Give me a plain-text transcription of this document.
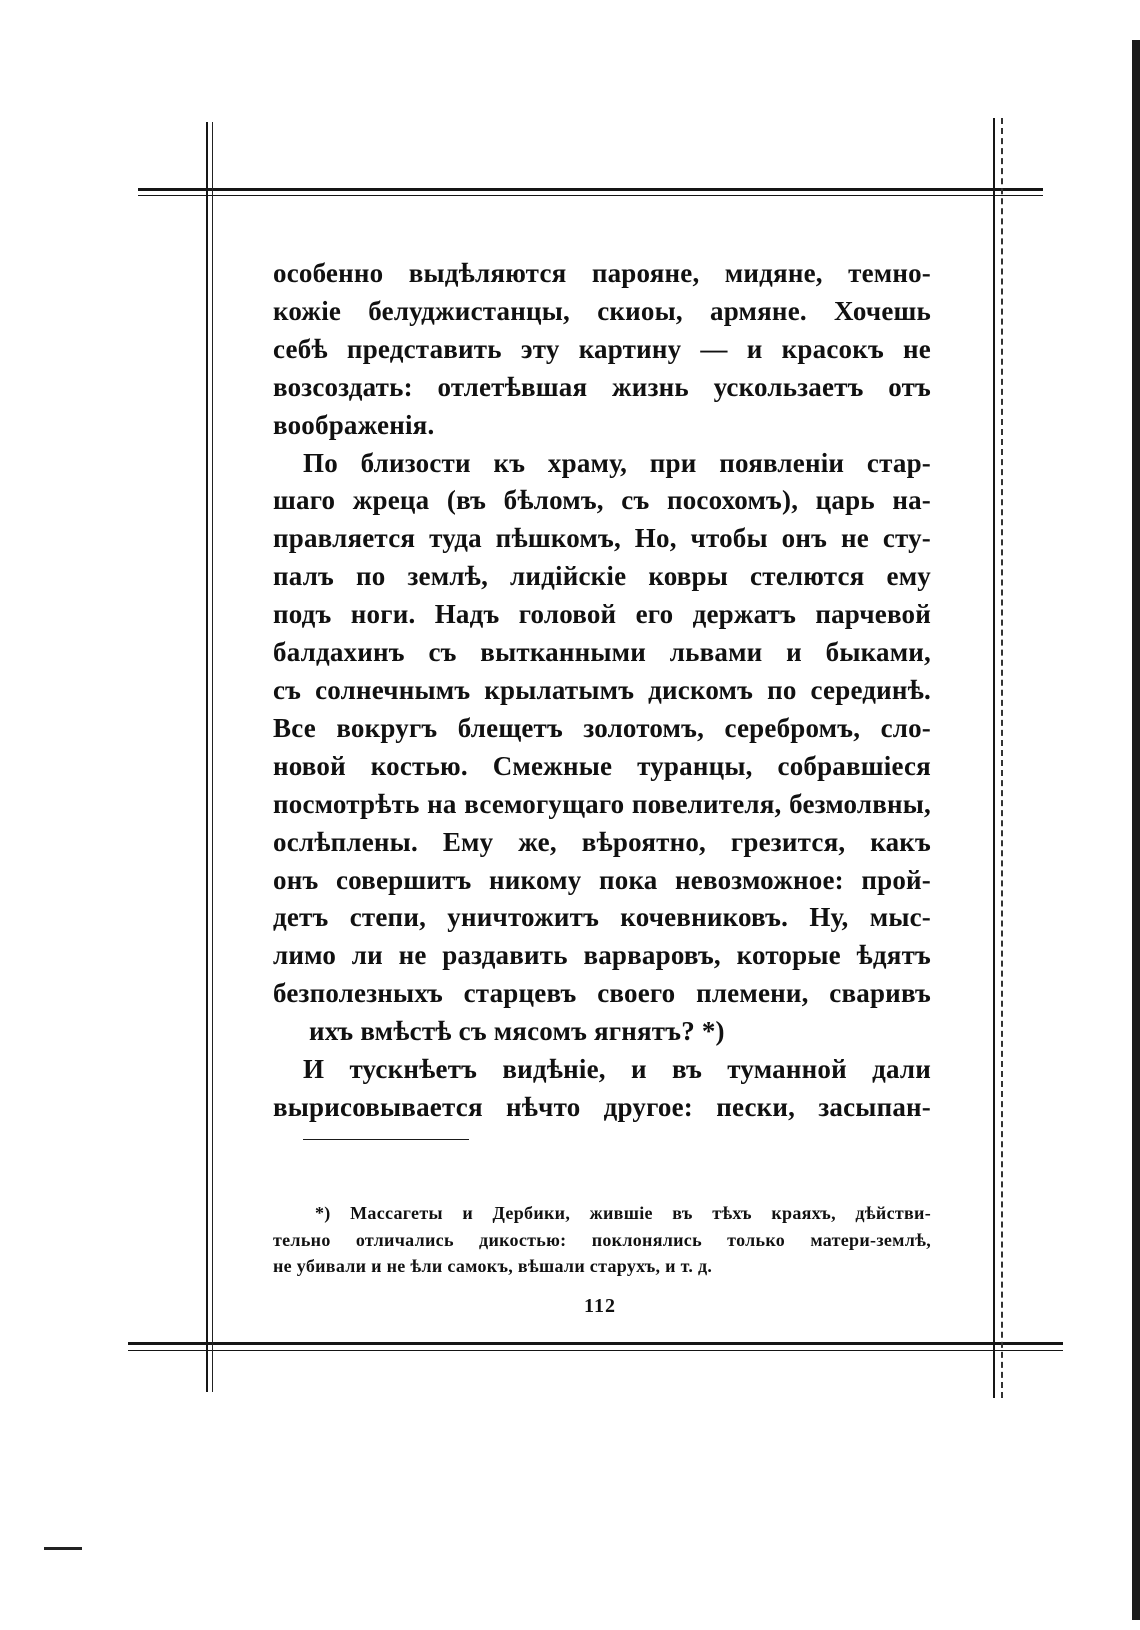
особенно выдѣляются пароянe, мидяне, темно-
кожіе белуджистанцы, скиоы, армяне. Хочешь
себѣ представить эту картину — и красокъ не
возсоздать: отлетѣвшая жизнь ускользаетъ отъ
воображенія.

По близости къ храму, при появленіи стар-
шаго жреца (въ бѣломъ, съ посохомъ), царь на-
правляется туда пѣшкомъ, Но, чтобы онъ не сту-
палъ по землѣ, лидійскіе ковры стелются ему
подъ ноги. Надъ головой его держатъ парчевой
балдахинъ съ вытканными львами и быками,
съ солнечнымъ крылатымъ дискомъ по серединѣ.
Все вокругъ блещетъ золотомъ, серебромъ, сло-
новой костью. Смежные туранцы, собравшіеся
посмотрѣть на всемогущаго повелителя, безмолвны,
ослѣплены. Ему же, вѣроятно, грезится, какъ
онъ совершитъ никому пока невозможное: прой-
детъ степи, уничтожитъ кочевниковъ. Ну, мыс-
лимо ли не раздавить варваровъ, которые ѣдятъ
безполезныхъ старцевъ своего племени, сваривъ
ихъ вмѣстѣ съ мясомъ ягнятъ? *)

И тускнѣетъ видѣніе, и въ туманной дали
вырисовывается нѣчто другое: пески, засыпан-

*) Массагеты и Дербики, жившіе въ тѣхъ краяхъ, дѣйстви-
тельно отличались дикостью: поклонялись только матери-землѣ,
не убивали и не ѣли самокъ, вѣшали старухъ, и т. д.
112
